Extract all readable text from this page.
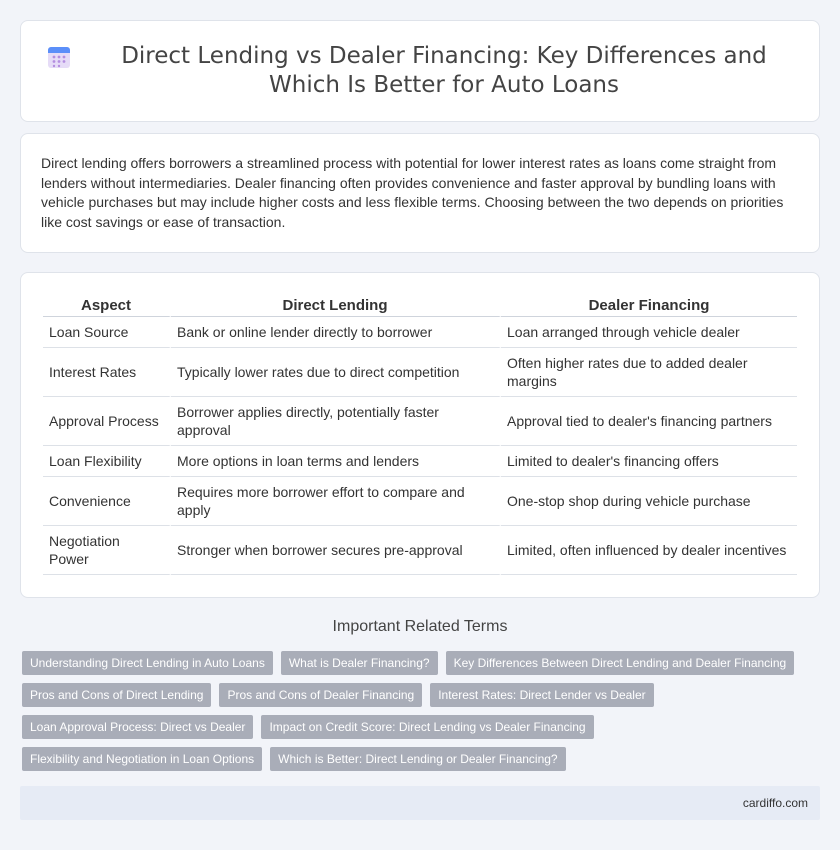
Direct Lending vs Dealer Financing: Key Differences and Which Is Better for Auto Loans

Direct lending offers borrowers a streamlined process with potential for lower interest rates as loans come straight from lenders without intermediaries. Dealer financing often provides convenience and faster approval by bundling loans with vehicle purchases but may include higher costs and less flexible terms. Choosing between the two depends on priorities like cost savings or ease of transaction.

Aspect	Direct Lending	Dealer Financing
Loan Source	Bank or online lender directly to borrower	Loan arranged through vehicle dealer
Interest Rates	Typically lower rates due to direct competition	Often higher rates due to added dealer margins
Approval Process	Borrower applies directly, potentially faster approval	Approval tied to dealer's financing partners
Loan Flexibility	More options in loan terms and lenders	Limited to dealer's financing offers
Convenience	Requires more borrower effort to compare and apply	One-stop shop during vehicle purchase
Negotiation Power	Stronger when borrower secures pre-approval	Limited, often influenced by dealer incentives
Important Related Terms
Understanding Direct Lending in Auto Loans	What is Dealer Financing?	Key Differences Between Direct Lending and Dealer Financing
Pros and Cons of Direct Lending	Pros and Cons of Dealer Financing	Interest Rates: Direct Lender vs Dealer
Loan Approval Process: Direct vs Dealer	Impact on Credit Score: Direct Lending vs Dealer Financing
Flexibility and Negotiation in Loan Options	Which is Better: Direct Lending or Dealer Financing?
cardiffo.com
